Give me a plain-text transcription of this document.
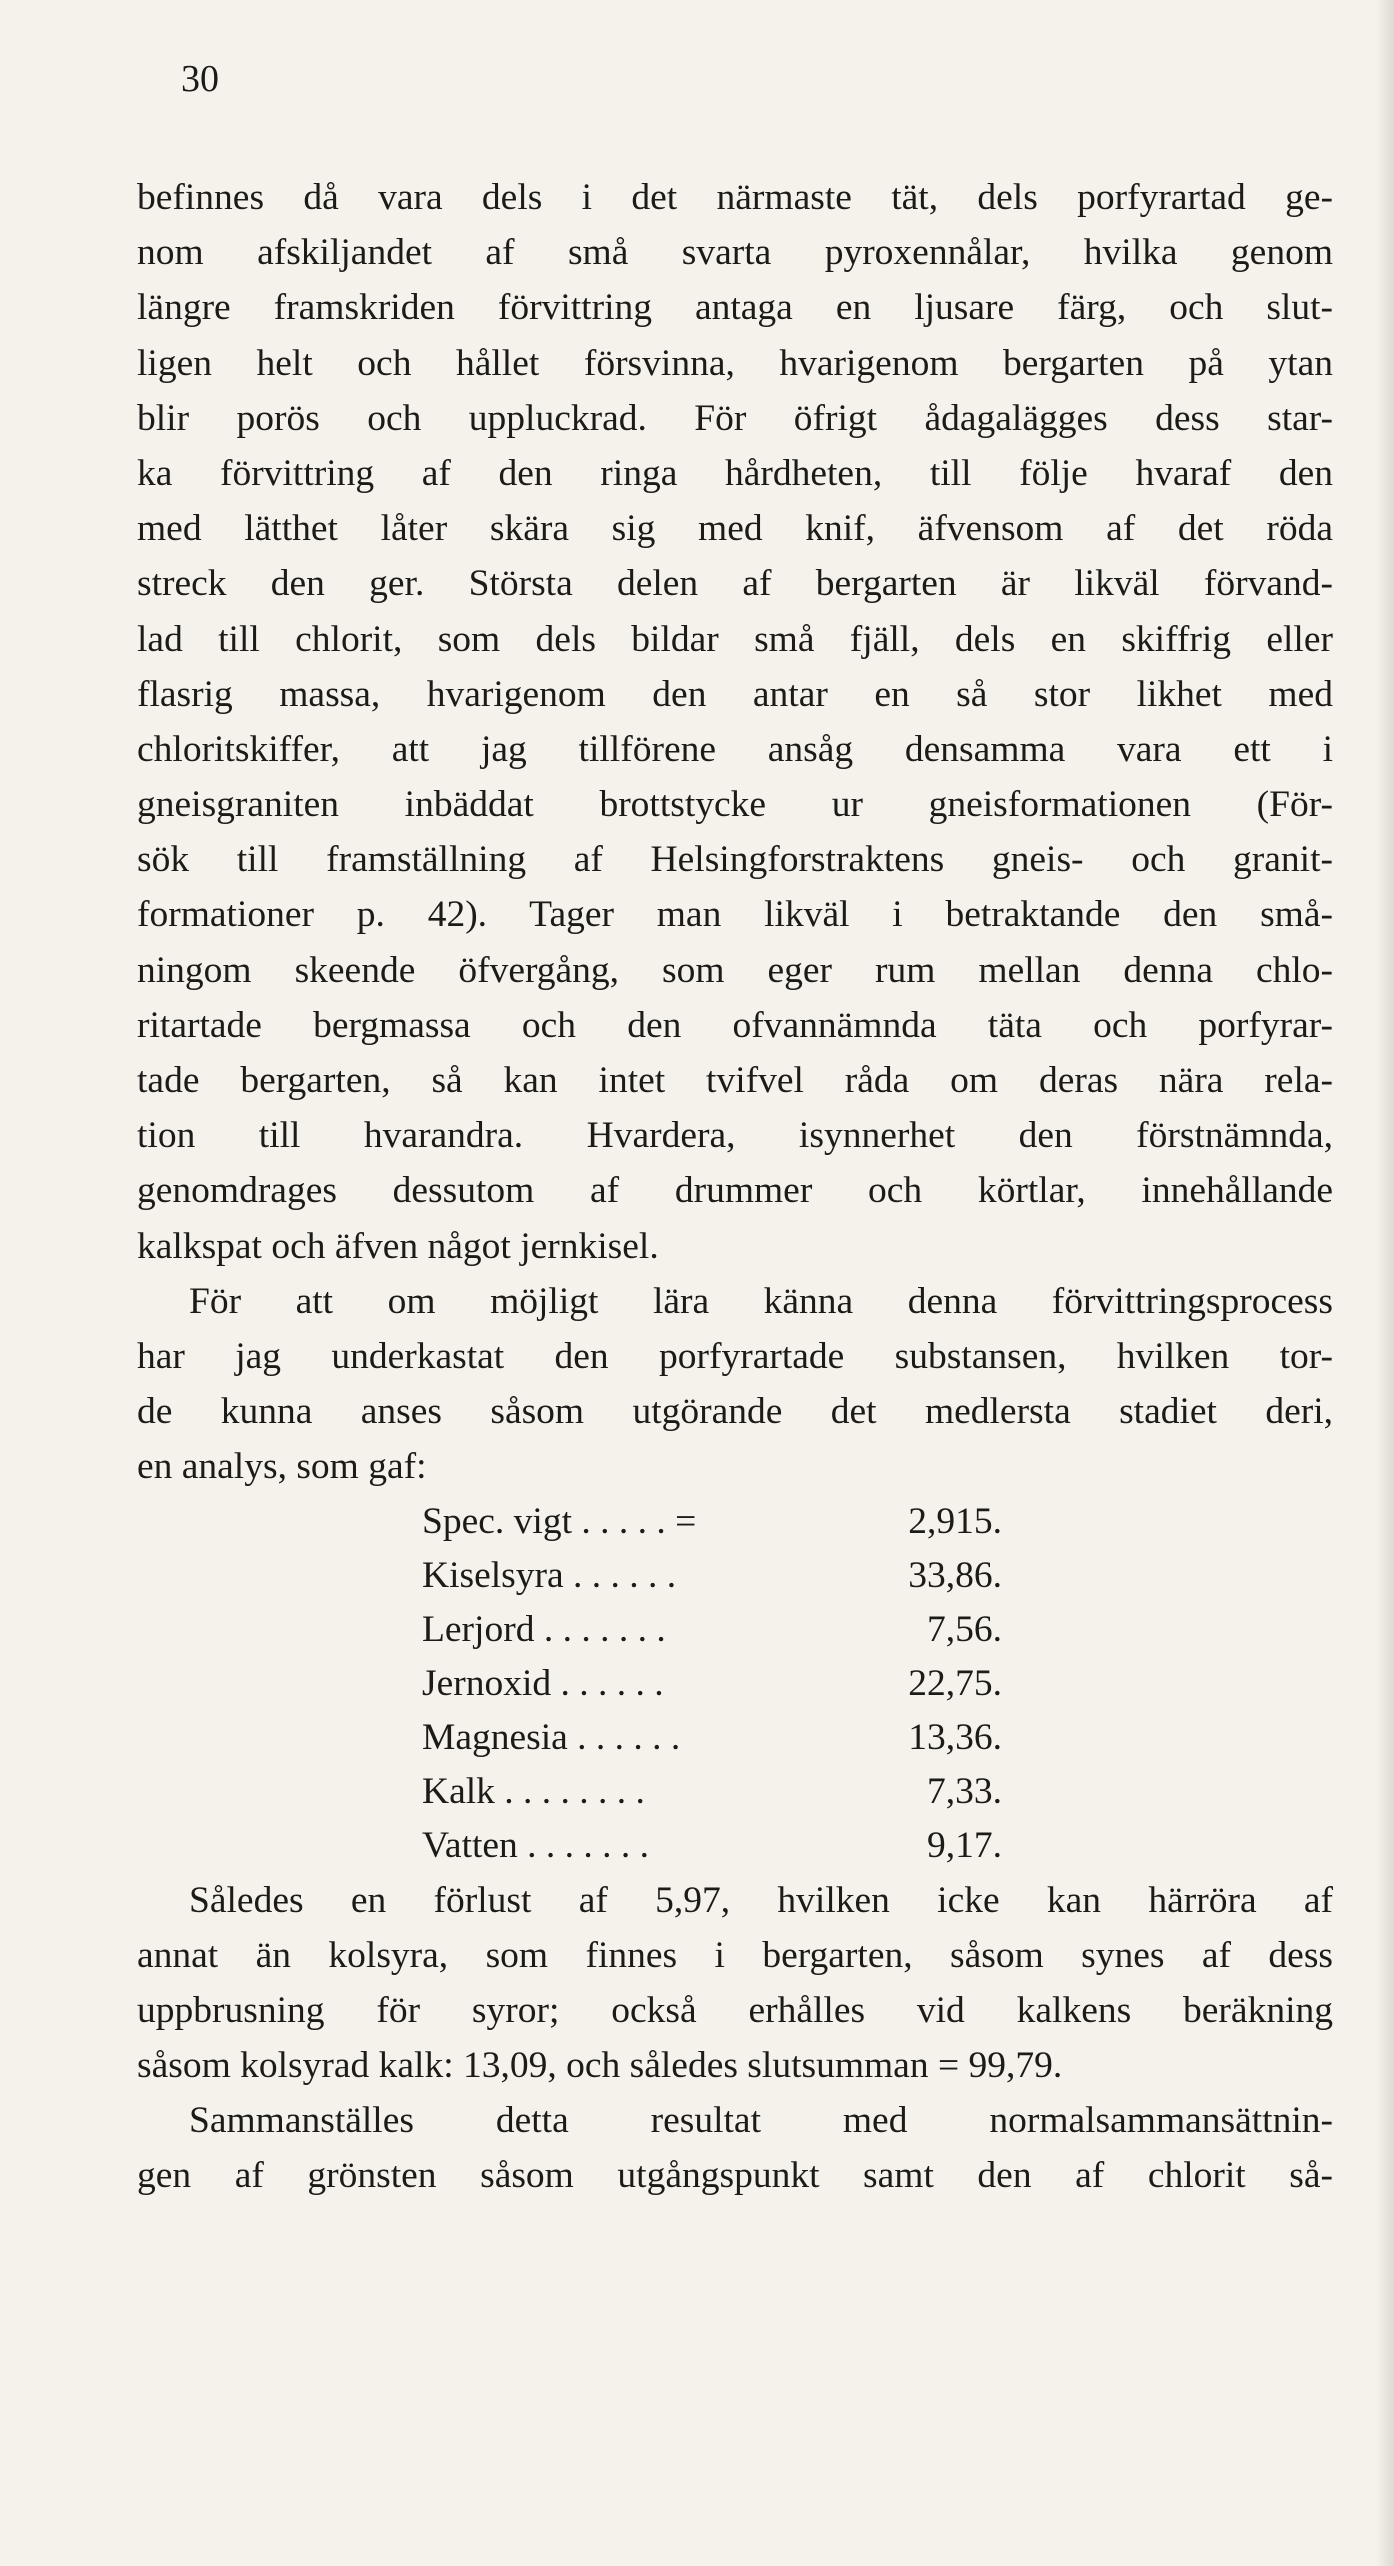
30
befinnes då vara dels i det närmaste tät, dels porfyrartad ge-
nom afskiljandet af små svarta pyroxennålar, hvilka genom
längre framskriden förvittring antaga en ljusare färg, och slut-
ligen helt och hållet försvinna, hvarigenom bergarten på ytan
blir porös och uppluckrad. För öfrigt ådagalägges dess star-
ka förvittring af den ringa hårdheten, till följe hvaraf den
med lätthet låter skära sig med knif, äfvensom af det röda
streck den ger. Största delen af bergarten är likväl förvand-
lad till chlorit, som dels bildar små fjäll, dels en skiffrig eller
flasrig massa, hvarigenom den antar en så stor likhet med
chloritskiffer, att jag tillförene ansåg densamma vara ett i
gneisgraniten inbäddat brottstycke ur gneisformationen (För-
sök till framställning af Helsingforstraktens gneis- och granit-
formationer p. 42). Tager man likväl i betraktande den små-
ningom skeende öfvergång, som eger rum mellan denna chlo-
ritartade bergmassa och den ofvannämnda täta och porfyrar-
tade bergarten, så kan intet tvifvel råda om deras nära rela-
tion till hvarandra. Hvardera, isynnerhet den förstnämnda,
genomdrages dessutom af drummer och körtlar, innehållande
kalkspat och äfven något jernkisel.
För att om möjligt lära känna denna förvittringsprocess
har jag underkastat den porfyrartade substansen, hvilken tor-
de kunna anses såsom utgörande det medlersta stadiet deri,
en analys, som gaf:
Spec. vigt . . . . . =	2,915.
Kiselsyra . . . . . .	33,86.
Lerjord . . . . . . .	7,56.
Jernoxid . . . . . .	22,75.
Magnesia . . . . . .	13,36.
Kalk . . . . . . . .	7,33.
Vatten . . . . . . .	9,17.
Således en förlust af 5,97, hvilken icke kan härröra af
annat än kolsyra, som finnes i bergarten, såsom synes af dess
uppbrusning för syror; också erhålles vid kalkens beräkning
såsom kolsyrad kalk: 13,09, och således slutsumman = 99,79.
Sammanställes detta resultat med normalsammansättnin-
gen af grönsten såsom utgångspunkt samt den af chlorit så-
